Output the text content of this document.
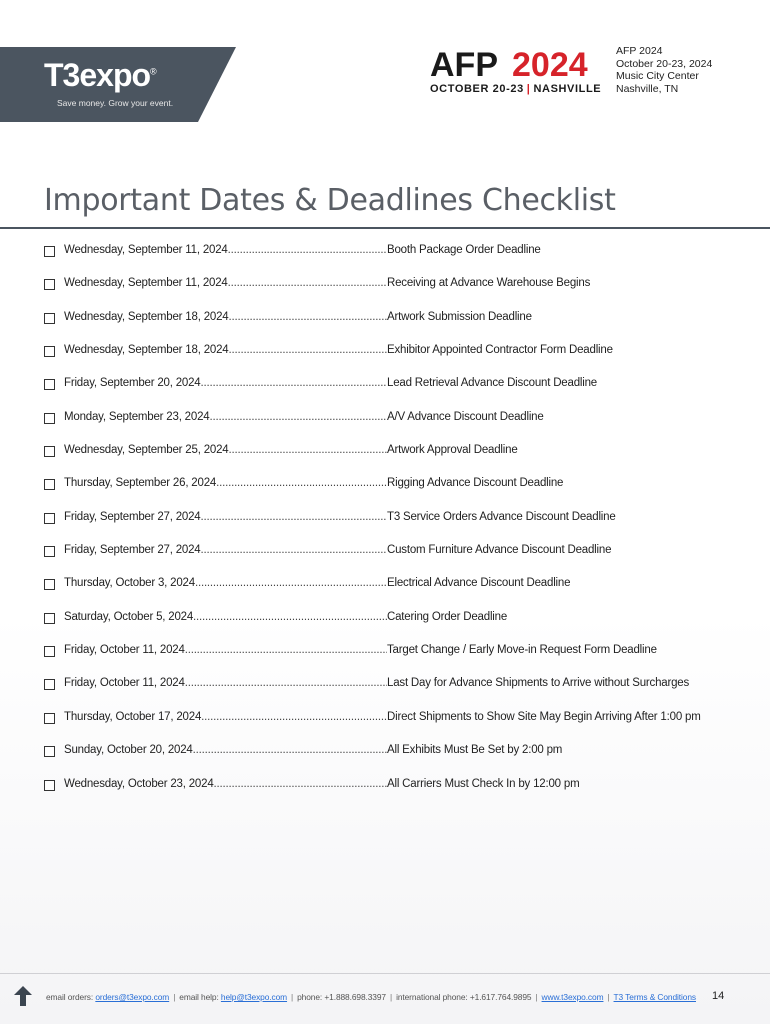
T3expo®
Save money. Grow your event.
AFP 2024
OCTOBER 20-23 | NASHVILLE
AFP 2024
October 20-23, 2024
Music City Center
Nashville, TN
Important Dates & Deadlines Checklist
Wednesday, September 11, 2024 .....	Booth Package Order Deadline
Wednesday, September 11, 2024 .....	Receiving at Advance Warehouse Begins
Wednesday, September 18, 2024 .....	Artwork Submission Deadline
Wednesday, September 18, 2024 .....	Exhibitor Appointed Contractor Form Deadline
Friday, September 20, 2024 .....	Lead Retrieval Advance Discount Deadline
Monday, September 23, 2024 .....	A/V Advance Discount Deadline
Wednesday, September 25, 2024 .....	Artwork Approval Deadline
Thursday, September 26, 2024 .....	Rigging Advance Discount Deadline
Friday, September 27, 2024 .....	T3 Service Orders Advance Discount Deadline
Friday, September 27, 2024 .....	Custom Furniture Advance Discount Deadline
Thursday, October 3, 2024 .....	Electrical Advance Discount Deadline
Saturday, October 5, 2024 .....	Catering Order Deadline
Friday, October 11, 2024 .....	Target Change / Early Move-in Request Form Deadline
Friday, October 11, 2024 .....	Last Day for Advance Shipments to Arrive without Surcharges
Thursday, October 17, 2024 .....	Direct Shipments to Show Site May Begin Arriving After 1:00 pm
Sunday, October 20, 2024 .....	All Exhibits Must Be Set by 2:00 pm
Wednesday, October 23, 2024 .....	All Carriers Must Check In by 12:00 pm
email orders: orders@t3expo.com | email help: help@t3expo.com | phone: +1.888.698.3397 | international phone: +1.617.764.9895 | www.t3expo.com | T3 Terms & Conditions 14
